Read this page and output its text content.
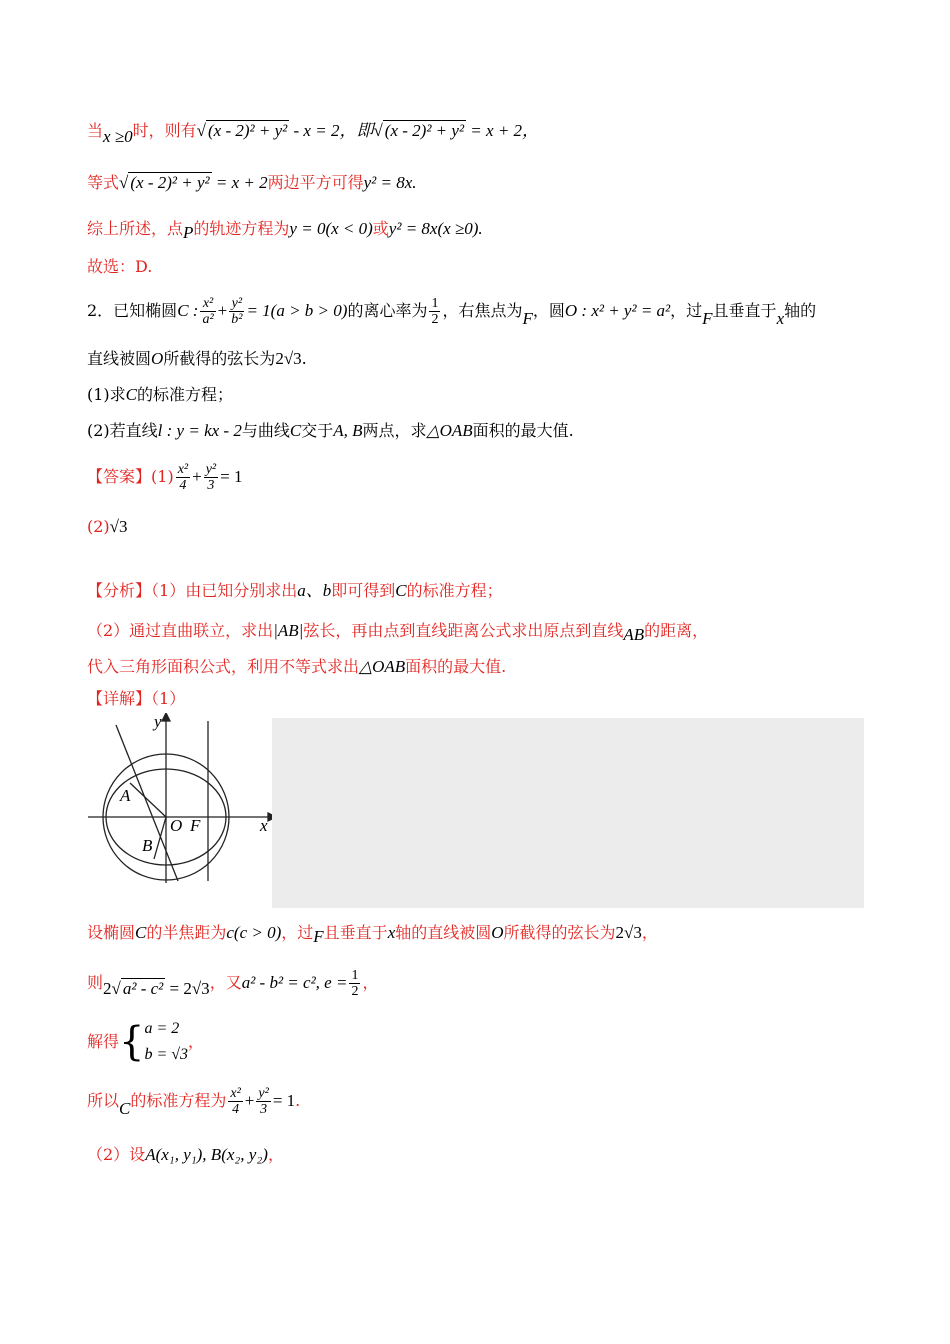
当x ≥0时，则有√ (x - 2)² + y² - x = 2，即√ (x - 2)² + y² = x + 2，
等式√ (x - 2)² + y² = x + 2两边平方可得y² = 8x.
综上所述，点P的轨迹方程为y = 0(x < 0)或y² = 8x(x ≥0).
故选：D.
2．已知椭圆C : $\frac{\text{x²}}{\text{a²}} + \frac{\text{y²}}{\text{b²}} = 1(a > b > 0)$的离心率为 $\frac{1}{2}$ ，右焦点为F，圆O : x² + y² = a²，过F且垂直于x轴的
直线被圆O所截得的弦长为2√3.
(1)求C的标准方程；
(2)若直线l : y = kx - 2与曲线C交于A, B两点，求△OAB面积的最大值.
【答案】$(1) \frac{\text{x²}}{4} + \frac{\text{y²}}{3} = 1$
(2)√3
【分析】（1）由已知分别求出a、b即可得到C的标准方程；
（2）通过直曲联立，求出|AB|弦长，再由点到直线距离公式求出原点到直线AB的距离，
代入三角形面积公式，利用不等式求出△OAB面积的最大值.
【详解】（1）
y
x
A
B
O F
设椭圆C的半焦距为c(c > 0)，过F且垂直于x轴的直线被圆O所截得的弦长为2√3，
则2√ a² - c² = 2√3，又a² - b² = c², $e = \frac{1}{2}$ ，
解得{ a = 2
b = √3
，
所以C的标准方程为 $\frac{\text{x²}}{4} + \frac{\text{y²}}{3} = 1$.
（2）设A(x₁, y₁), B(x₂, y₂)，
